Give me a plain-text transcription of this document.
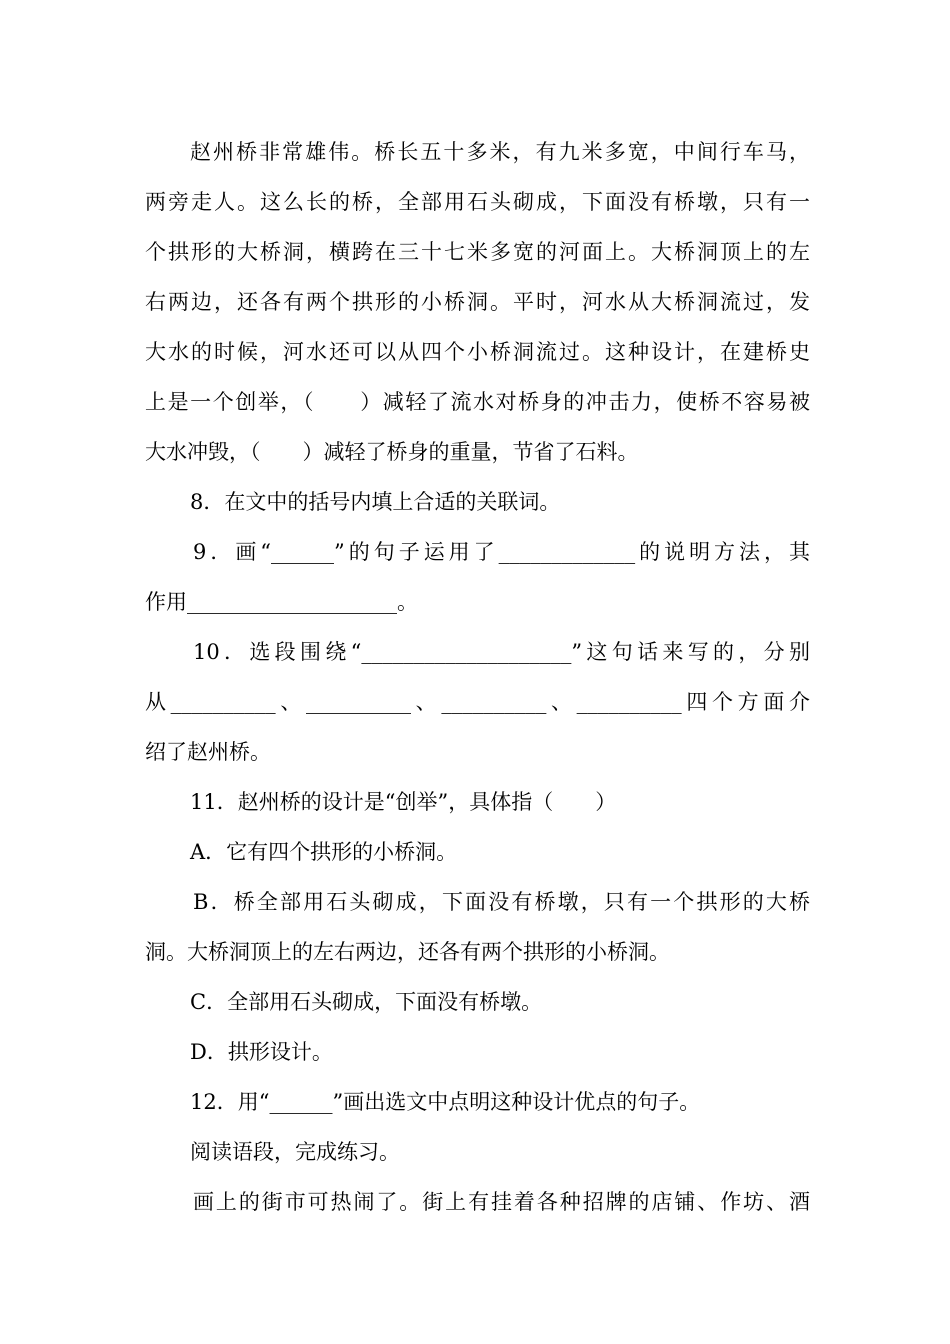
赵州桥非常雄伟。桥长五十多米，有九米多宽，中间行车马，
两旁走人。这么长的桥，全部用石头砌成，下面没有桥墩，只有一
个拱形的大桥洞，横跨在三十七米多宽的河面上。大桥洞顶上的左
右两边，还各有两个拱形的小桥洞。平时，河水从大桥洞流过，发
大水的时候，河水还可以从四个小桥洞流过。这种设计，在建桥史
上是一个创举，（　　）减轻了流水对桥身的冲击力，使桥不容易被
大水冲毁，（　　）减轻了桥身的重量，节省了石料。
8．在文中的括号内填上合适的关联词。
9．画“______”的句子运用了_____________的说明方法，其
作用____________________。
10．选段围绕“____________________”这句话来写的，分别
从__________、__________、__________、__________四个方面介
绍了赵州桥。
11．赵州桥的设计是“创举”，具体指（　　）
A．它有四个拱形的小桥洞。
B．桥全部用石头砌成，下面没有桥墩，只有一个拱形的大桥
洞。大桥洞顶上的左右两边，还各有两个拱形的小桥洞。
C．全部用石头砌成，下面没有桥墩。
D．拱形设计。
12．用“______”画出选文中点明这种设计优点的句子。
阅读语段，完成练习。
画上的街市可热闹了。街上有挂着各种招牌的店铺、作坊、酒
